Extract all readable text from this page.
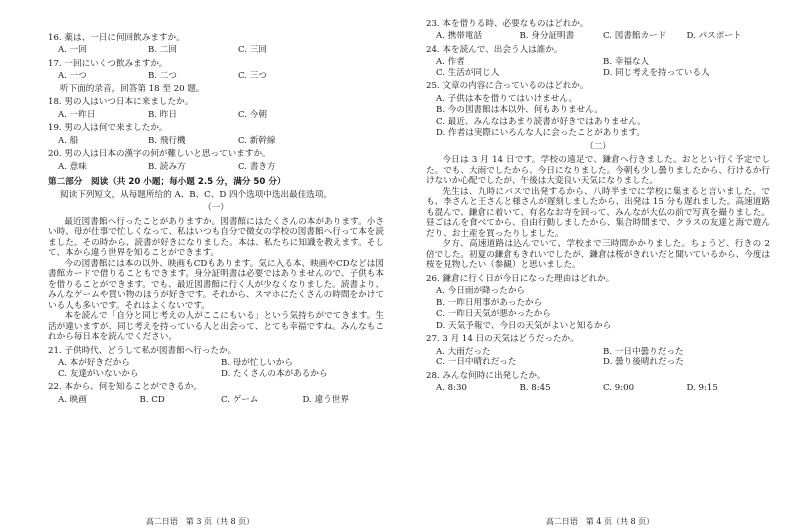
16. 薬は、一日に何回飲みますか。
A. 一回	B. 二回	C. 三回
17. 一回にいくつ飲みますか。
A. 一つ	B. 二つ	C. 三つ
听下面的录音，回答第 18 至 20 题。
18. 男の人はいつ日本に来ましたか。
A. 一昨日	B. 昨日	C. 今朝
19. 男の人は何で来ましたか。
A. 船	B. 飛行機	C. 新幹線
20. 男の人は日本の漢字の何が難しいと思っていますか。
A. 意味	B. 読み方	C. 書き方
第二部分　阅读（共 20 小题；每小题 2.5 分，满分 50 分）
阅读下列短文，从每题所给的 A、B、C、D 四个选项中选出最佳选项。
（一）

最近図書館へ行ったことがありますか。図書館にはたくさんの本があります。小さい時、母が仕事で忙しくなって、私はいつも自分で微女の学校の図書館へ行って本を読ました。その時から、読書が好きになりました。本は、私たちに知識を教えます。そして、本から違う世界を知ることができます。

今の図書館には本の以外、映画もCDもあります。気に入る本、映画やCDなどは図書館カードで借りることもできます。身分証明書は必要ではありませんので、子供も本を借りることができます。でも、最近図書館に行く人が少なくなりました。読書より、みんなゲームや買い物のほうが好きです。それから、スマホにたくさんの時間をかけている人も多いです。それはよくないです。

本を読んで「自分と同じ考えの人がここにもいる」という気持ちがでてきます。生活が違いますが、同じ考えを持っている人と出会って、とても幸福ですね。みんなもこれから毎日本を読んでください。

21. 子供時代、どうして私が図書館へ行ったか。
A. 本が好きだから	B. 母が忙しいから
C. 友達がいないから	D. たくさんの本があるから
22. 本から、何を知ることができるか。
A. 映画	B. CD	C. ゲーム	D. 違う世界
高二日语　第 3 页（共 8 页）
23. 本を借りる時、必要なものはどれか。
A. 携帯電話	B. 身分証明書	C. 図書館カード	D. パスポート
24. 本を読んで、出会う人は誰か。
A. 作者	B. 幸福な人
C. 生活が同じ人	D. 同じ考えを持っている人
25. 文章の内容に合っているのはどれか。
A. 子供は本を借りてはいけません。
B. 今の図書館は本以外、何もありません。
C. 最近、みんなはあまり読書が好きではありません。
D. 作者は実際にいろんな人に会ったことがあります。
（二）

今日は 3 月 14 日です。学校の遠足で、鎌倉へ行きました。おととい行く予定でした。でも、大雨でしたから、今日になりました。今朝も少し曇りましたから、行けるか行けないか心配でしたが、午後は大変良い天気になりました。

先生は、九時にバスで出発するから、八時半までに学校に集まると言いました。でも、李さんと王さんと様さんが遅刻しましたから、出発は 15 分も遅れました。高速道路も混んで、鎌倉に着いて、有名なお寺を回って、みんなが大仏の前で写真を撮りました。昼ごはんを食べてから、自由行動しましたから、集合時間まで、クラスの友達と海で遊んだり、お土産を買ったりしました。

夕方、高速道路は込んでいて、学校まで三時間かかりました。ちょうど、行きの 2 倍でした。初夏の鎌倉もきれいでしたが、鎌倉は桜がきれいだと聞いているから、今度は桜を見物したい（参観）と思いました。

26. 鎌倉に行く日が今日になった理由はどれか。
A. 今日雨が降ったから
B. 一昨日用事があったから
C. 一昨日天気が悪かったから
D. 天気予報で、今日の天気がよいと知るから
27. 3 月 14 日の天気はどうだったか。
A. 大雨だった	B. 一日中曇りだった
C. 一日中晴れだった	D. 曇り後晴れだった
28. みんな何時に出発したか。
A. 8:30	B. 8:45	C. 9:00	D. 9:15
高二日语　第 4 页（共 8 页）
